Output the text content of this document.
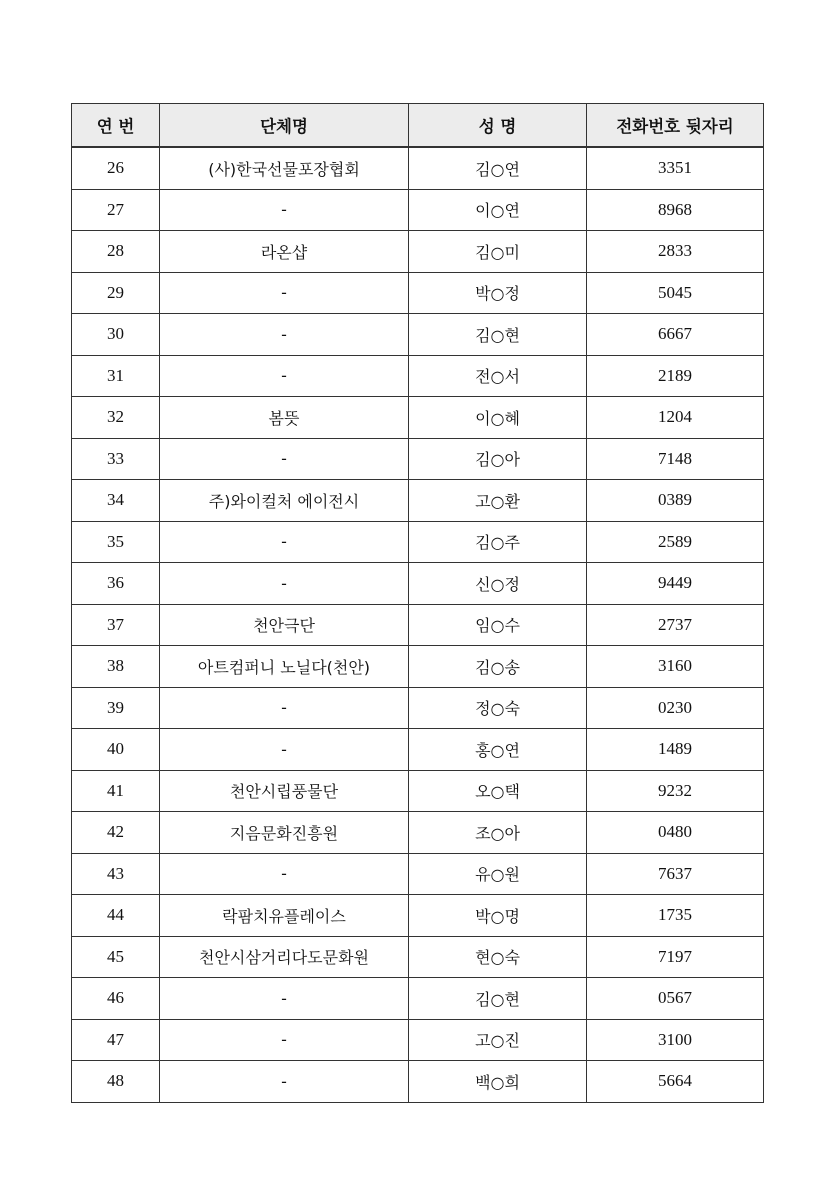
연 번	단체명	성 명	전화번호 뒷자리
26	(사)한국선물포장협회	김○연	3351
27	-	이○연	8968
28	라온샵	김○미	2833
29	-	박○정	5045
30	-	김○현	6667
31	-	전○서	2189
32	봄뜻	이○혜	1204
33	-	김○아	7148
34	주)와이컬처 에이전시	고○환	0389
35	-	김○주	2589
36	-	신○정	9449
37	천안극단	임○수	2737
38	아트컴퍼니 노닐다(천안)	김○송	3160
39	-	정○숙	0230
40	-	홍○연	1489
41	천안시립풍물단	오○택	9232
42	지음문화진흥원	조○아	0480
43	-	유○원	7637
44	락팜치유플레이스	박○명	1735
45	천안시삼거리다도문화원	현○숙	7197
46	-	김○현	0567
47	-	고○진	3100
48	-	백○희	5664
